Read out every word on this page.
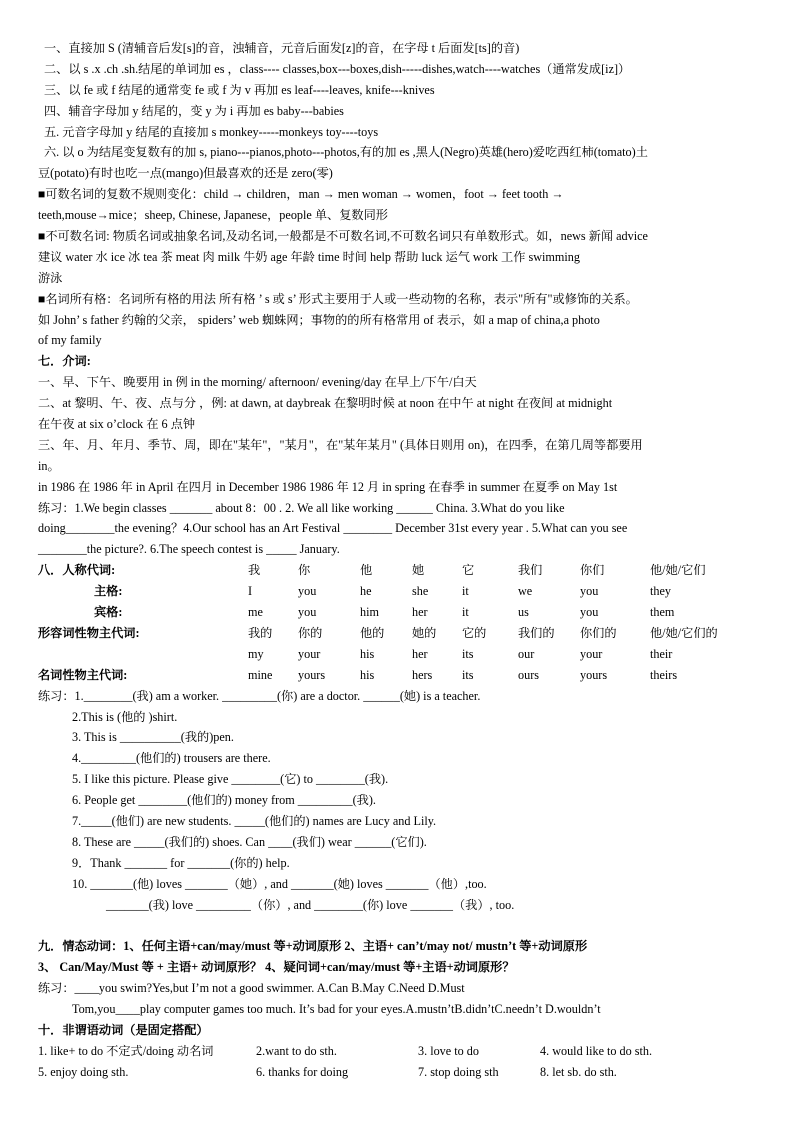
一、直接加 S (清辅音后发[s]的音，浊辅音，元音后面发[z]的音，在字母 t 后面发[ts]的音)
二、以 s .x .ch .sh.结尾的单词加 es ，class---- classes,box---boxes,dish-----dishes,watch----watches（通常发成[iz]）
三、以 fe 或 f 结尾的通常变 fe 或 f 为 v 再加 es leaf----leaves, knife---knives
四、辅音字母加 y 结尾的，变 y 为 i 再加 es baby---babies
五. 元音字母加 y 结尾的直接加 s monkey-----monkeys toy----toys
六. 以 o 为结尾变复数有的加 s, piano---pianos,photo---photos,有的加 es ,黑人(Negro)英雄(hero)爱吃西红柿(tomato)土
豆(potato)有时也吃一点(mango)但最喜欢的还是 zero(零)
■可数名词的复数不规则变化：child → children，man → men woman → women，foot → feet tooth →
teeth,mouse→mice；sheep, Chinese, Japanese，people 单、复数同形
■不可数名词: 物质名词或抽象名词,及动名词,一般都是不可数名词,不可数名词只有单数形式。如，news 新闻 advice
建议 water 水 ice 冰 tea 茶 meat 肉 milk 牛奶 age 年龄 time 时间 help 帮助 luck 运气 work 工作 swimming
游泳
■名词所有格：名词所有格的用法 所有格 ’ s 或 s’ 形式主要用于人或一些动物的名称，表示"所有"或修饰的关系。
如 John’ s father 约翰的父亲， spiders’ web 蜘蛛网；事物的的所有格常用 of 表示，如 a map of china,a photo
of my family
七．介词:
一、早、下午、晚要用 in 例 in the morning/ afternoon/ evening/day 在早上/下午/白天
二、at 黎明、午、夜、点与分 ，例: at dawn, at daybreak 在黎明时候 at noon 在中午 at night 在夜间 at midnight
在午夜 at six o’clock 在 6 点钟
三、年、月、年月、季节、周，即在"某年"，"某月"，在"某年某月" (具体日则用 on)，在四季，在第几周等都要用
in。
in 1986 在 1986 年 in April 在四月 in December 1986 1986 年 12 月 in spring 在春季 in summer 在夏季 on May 1st
练习：1.We begin classes _______ about 8：00 . 2. We all like working ______ China. 3.What do you like
doing________the evening？4.Our school has an Art Festival ________ December 31st every year . 5.What can you see
________the picture?. 6.The speech contest is _____ January.
八．人称代词:	我	你	他	她	它	我们	你们	他/她/它们
主格:	I	you	he	she	it	we	you	they
宾格:	me	you	him	her	it	us	you	them
形容词性物主代词:	我的	你的	他的	她的	它的	我们的	你们的	他/她/它们的
	my	your	his	her	its	our	your	their
名词性物主代词:	mine	yours	his	hers	its	ours	yours	theirs
练习：1.________(我) am a worker. _________(你) are a doctor. ______(她) is a teacher.
2.This is (他的 )shirt.
3. This is __________(我的)pen.
4._________(他们的) trousers are there.
5. I like this picture. Please give ________(它) to ________(我).
6. People get ________(他们的) money from _________(我).
7._____(他们) are new students. _____(他们的) names are Lucy and Lily.
8. These are _____(我们的) shoes. Can ____(我们) wear ______(它们).
9．Thank _______ for _______(你的) help.
10. _______(他) loves _______（她）, and _______(她) loves _______（他）,too.
_______(我) love _________（你）, and ________(你) love _______（我）, too.
九．情态动词：1、任何主语+can/may/must 等+动词原形 2、主语+ can’t/may not/ mustn’t 等+动词原形
3、 Can/May/Must 等 + 主语+ 动词原形？ 4、疑问词+can/may/must 等+主语+动词原形？
练习：____you swim?Yes,but I’m not a good swimmer. A.Can B.May C.Need D.Must
Tom,you____play computer games too much. It’s bad for your eyes.A.mustn’tB.didn’tC.needn’t D.wouldn’t
十．非谓语动词（是固定搭配）
1. like+ to do 不定式/doing 动名词	2.want to do sth.	3. love to do	4. would like to do sth.
5. enjoy doing sth.	6. thanks for doing	7. stop doing sth	8. let sb. do sth.
